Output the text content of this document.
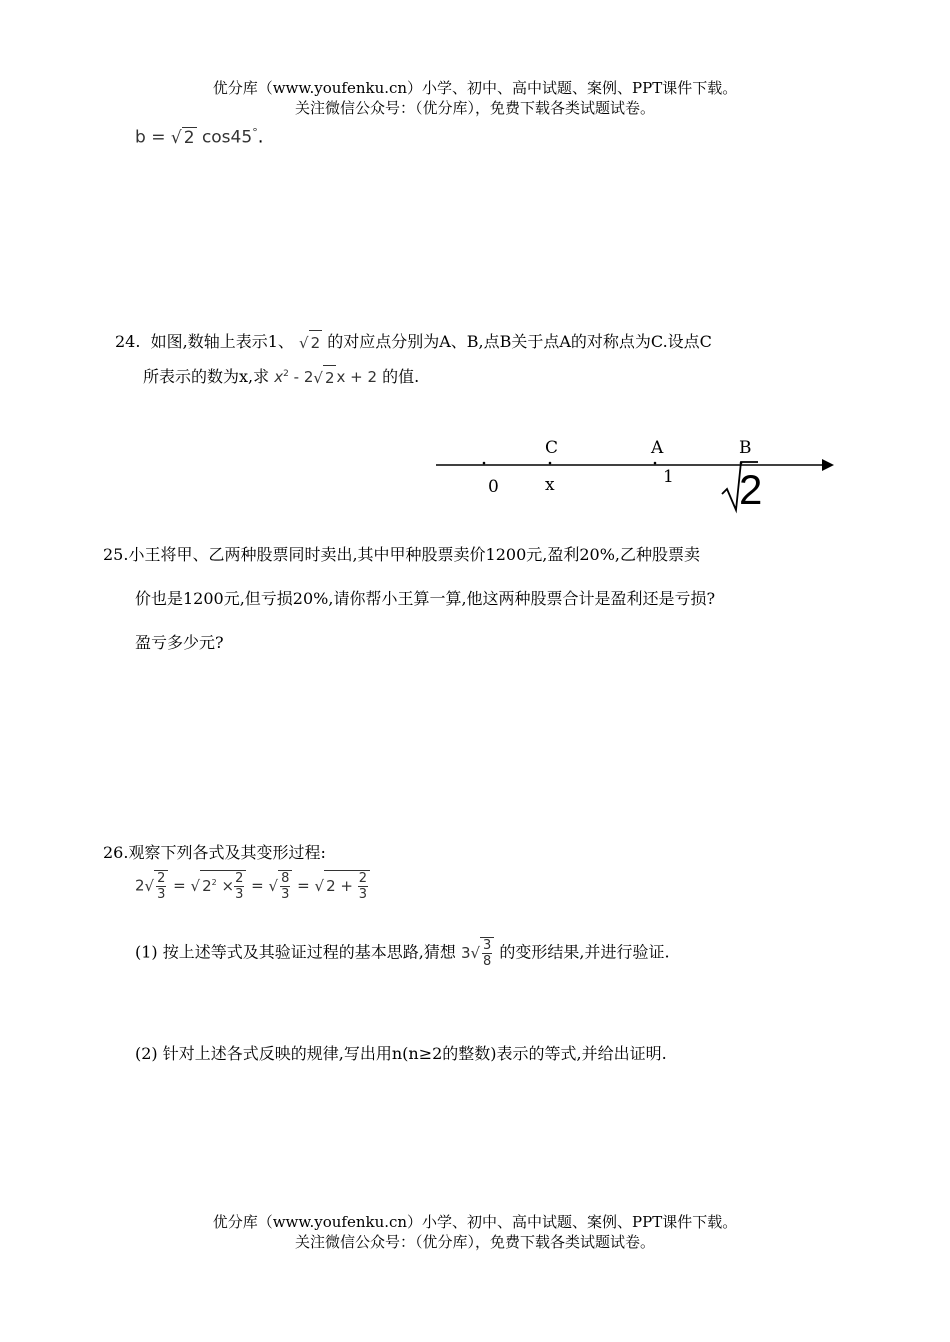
优分库（www.youfenku.cn）小学、初中、高中试题、案例、PPT课件下载。
关注微信公众号：（优分库），免费下载各类试题试卷。
b = √ 2 cos45°.
24. 如图,数轴上表示1、 √ 2 的对应点分别为A、B,点B关于点A的对称点为C.设点C
所表示的数为x,求 $x^2 - 2√$ 2 x + 2 的值.
C	A	B
0	x	1 2
25.小王将甲、乙两种股票同时卖出,其中甲种股票卖价1200元,盈利20%,乙种股票卖
价也是1200元,但亏损20%,请你帮小王算一算,他这两种股票合计是盈利还是亏损?
盈亏多少元?
26.观察下列各式及其变形过程:
$2√ \frac{2}{3}$ = √ $2^2 \times \frac{2}{3}$ = √ $\frac{8}{3}$ = √ $2 + \frac{2}{3}$
(1) 按上述等式及其验证过程的基本思路,猜想 $3√ \frac{3}{8}$ 的变形结果,并进行验证.
(2) 针对上述各式反映的规律,写出用n(n≥2的整数)表示的等式,并给出证明.
优分库（www.youfenku.cn）小学、初中、高中试题、案例、PPT课件下载。
关注微信公众号：（优分库），免费下载各类试题试卷。
